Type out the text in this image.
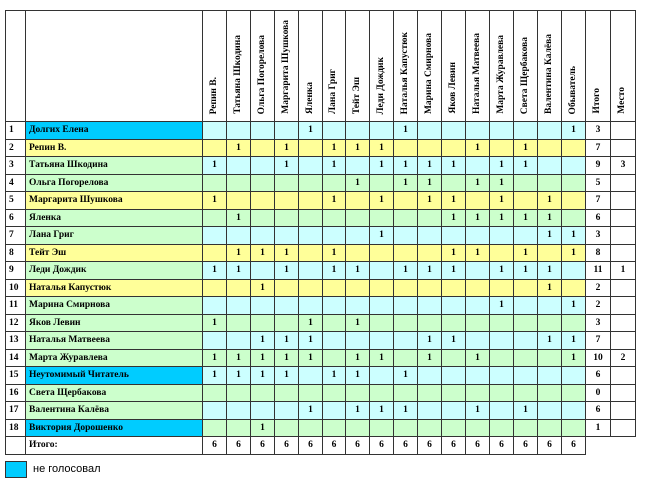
		Репин В.	Татьяна Шкодина	Ольга Погорелова	Маргарита Шушкова	Яленка	Лана Григ	Тейт Эш	Леди Дождик	Наталья Капустюк	Марина Смирнова	Яков Левин	Наталья Матвеева	Марта Журавлева	Света Щербакова	Валентина Калёва	Обыватель	Итого	Место
1	Долгих Елена					1				1							1	3	
2	Репин В.		1		1		1	1	1				1		1			7	
3	Татьяна Шкодина	1			1		1		1	1	1	1		1	1			9	3
4	Ольга Погорелова							1		1	1		1	1				5	
5	Маргарита Шушкова	1					1		1		1	1		1		1		7	
6	Яленка		1									1	1	1	1	1		6	
7	Лана Григ								1							1	1	3	
8	Тейт Эш		1	1	1		1					1	1		1		1	8	
9	Леди Дождик	1	1		1		1	1		1	1	1		1	1	1		11	1
10	Наталья Капустюк			1												1		2	
11	Марина Смирнова													1			1	2	
12	Яков Левин	1				1		1										3	
13	Наталья Матвеева			1	1	1					1	1				1	1	7	
14	Марта Журавлева	1	1	1	1	1		1	1		1		1				1	10	2
15	Неутомимый Читатель	1	1	1	1		1	1		1								6	
16	Света Щербакова																	0	
17	Валентина Калёва					1		1	1	1			1		1			6	
18	Виктория Дорошенко			1														1	
	Итого:	6	6	6	6	6	6	6	6	6	6	6	6	6	6	6	6		
не голосовал
